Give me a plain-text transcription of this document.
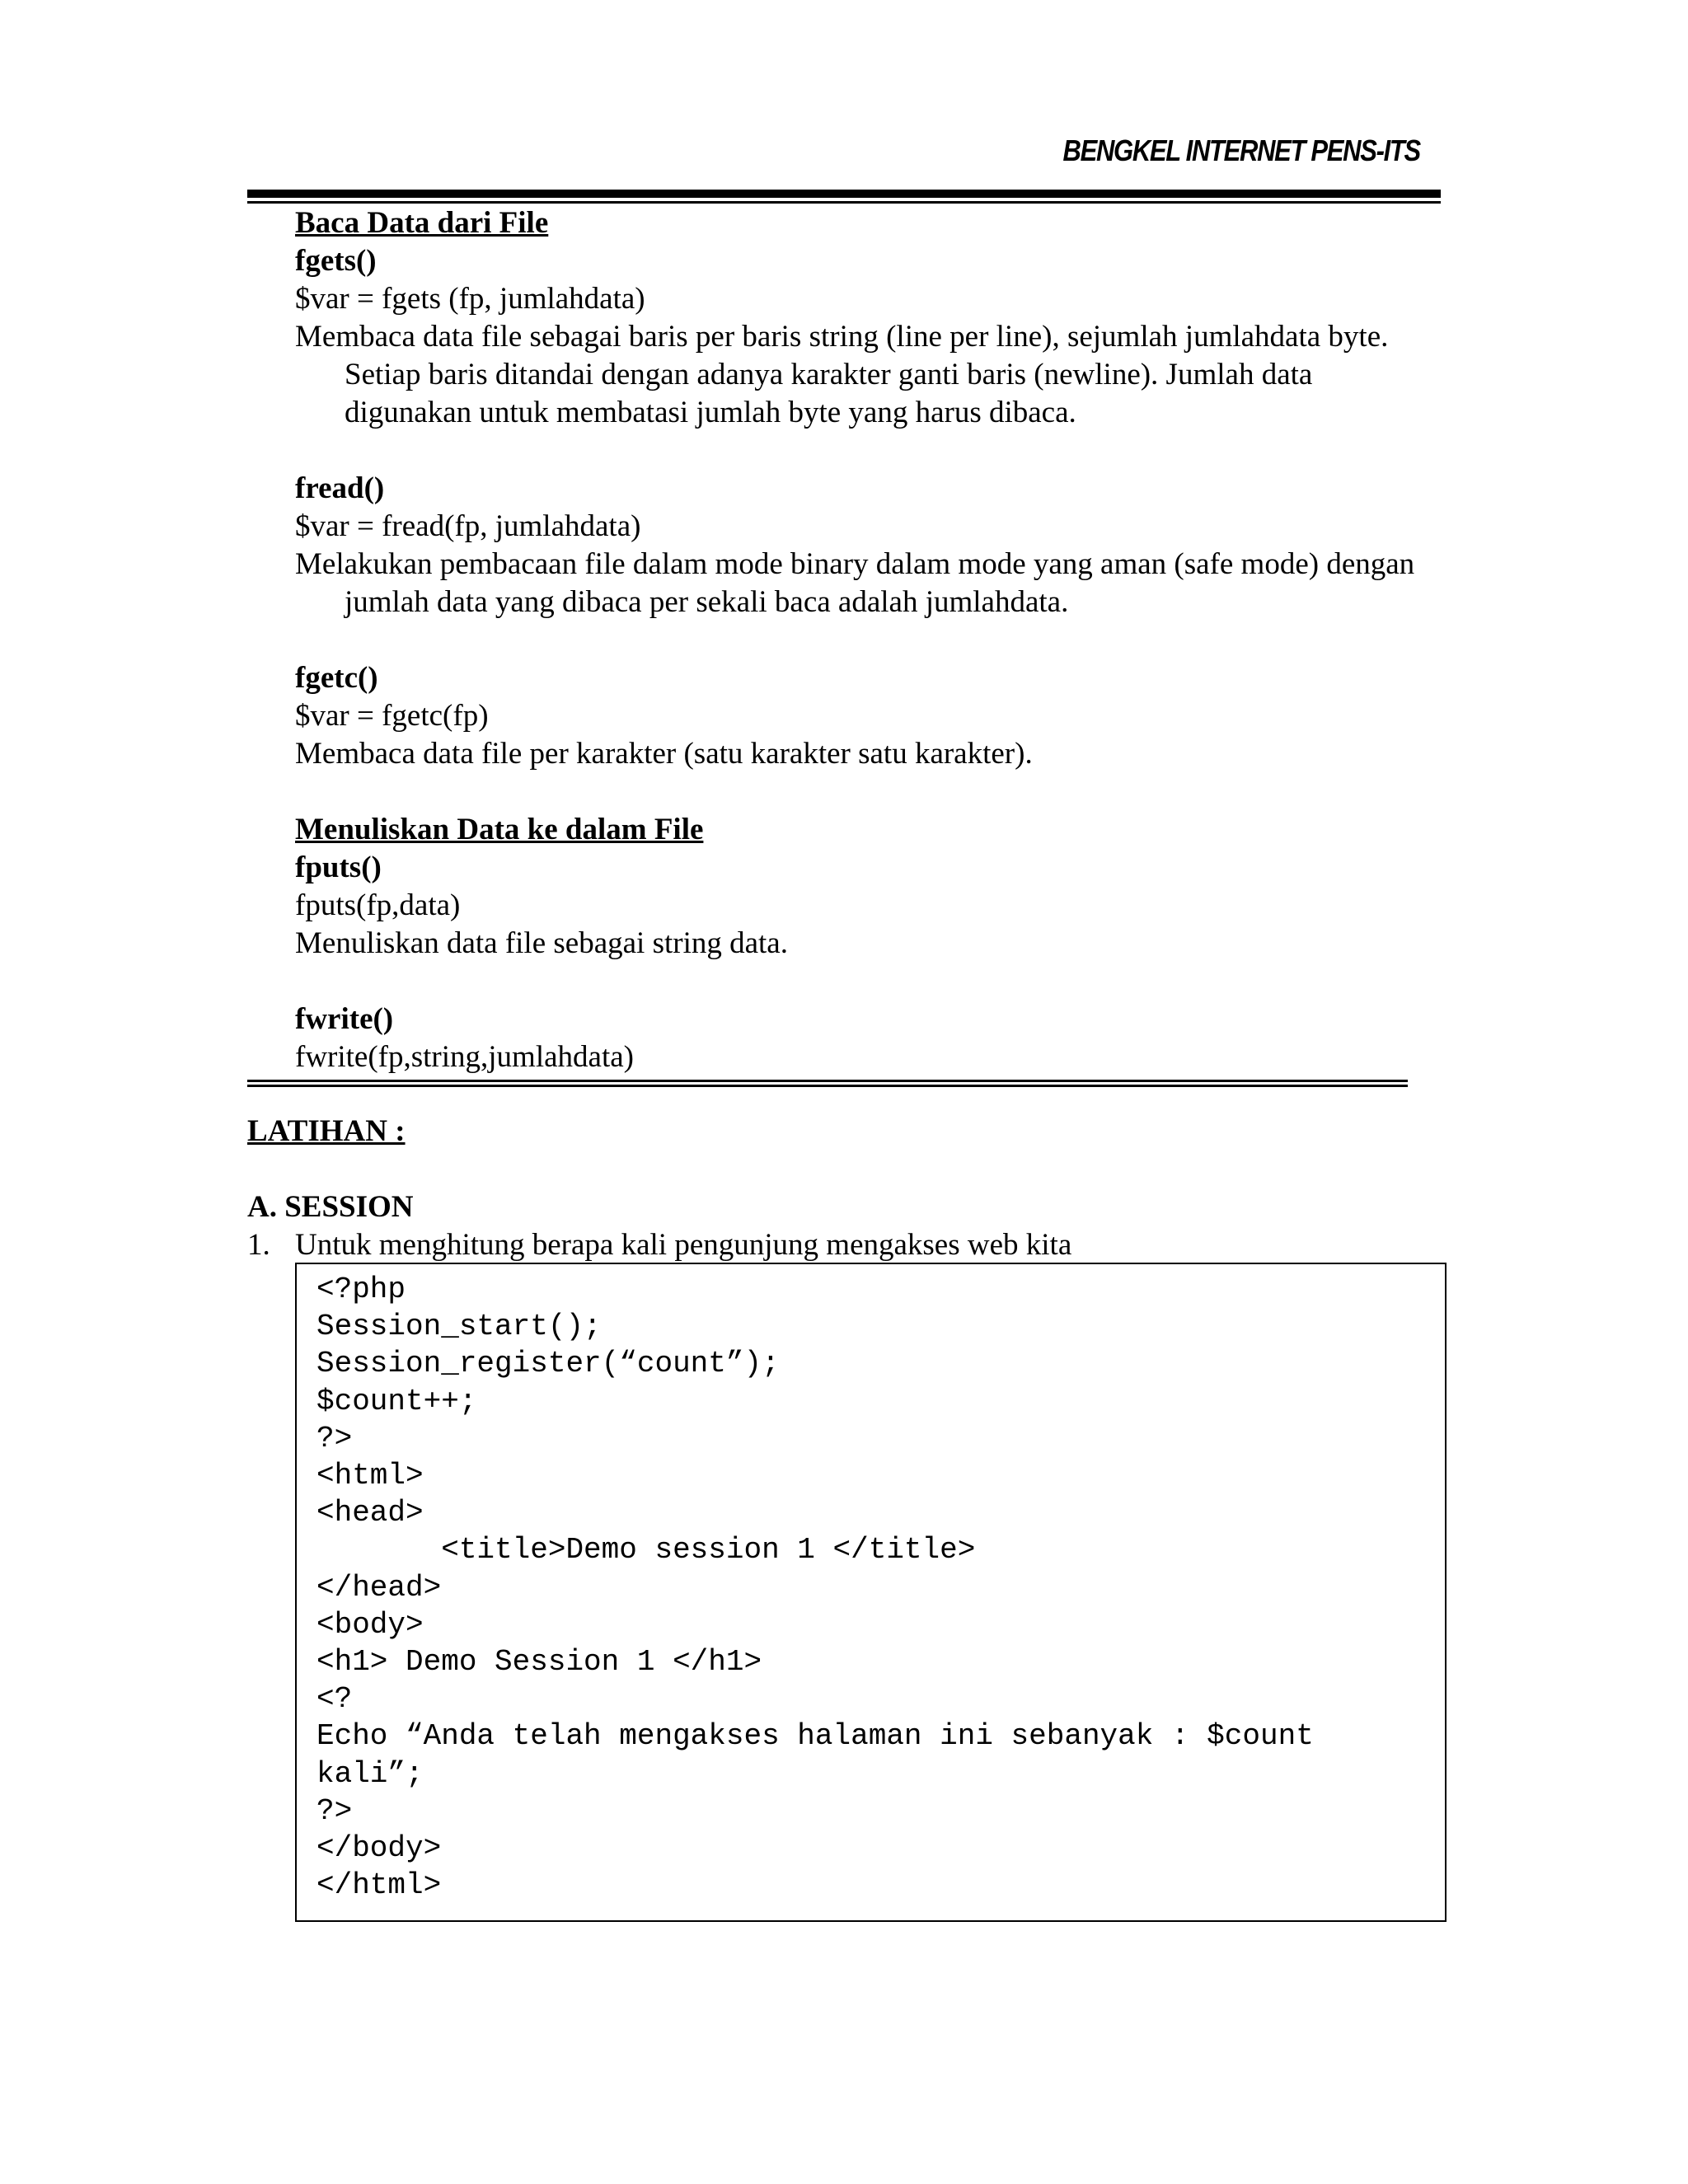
BENGKEL INTERNET PENS-ITS

Baca Data dari File

fgets()

$var = fgets (fp, jumlahdata)

Membaca data file sebagai baris per baris string (line per line), sejumlah jumlahdata byte. Setiap baris ditandai dengan adanya karakter ganti baris (newline). Jumlah data digunakan untuk membatasi jumlah byte yang harus dibaca.

fread()

$var = fread(fp, jumlahdata)

Melakukan pembacaan file dalam mode binary dalam mode yang aman (safe mode) dengan jumlah data yang dibaca per sekali baca adalah jumlahdata.

fgetc()

$var = fgetc(fp)

Membaca data file per karakter (satu karakter satu karakter).

Menuliskan Data ke dalam File

fputs()

fputs(fp,data)

Menuliskan data file sebagai string data.

fwrite()

fwrite(fp,string,jumlahdata)

LATIHAN :

A. SESSION

1. Untuk menghitung berapa kali pengunjung mengakses web kita
<?php
Session_start();
Session_register(“count”);
$count++;
?>
<html>
<head>
<title>Demo session 1 </title>
</head>
<body>
<h1> Demo Session 1 </h1>
<?
Echo “Anda telah mengakses halaman ini sebanyak : $count
kali”;
?>
</body>
</html>
